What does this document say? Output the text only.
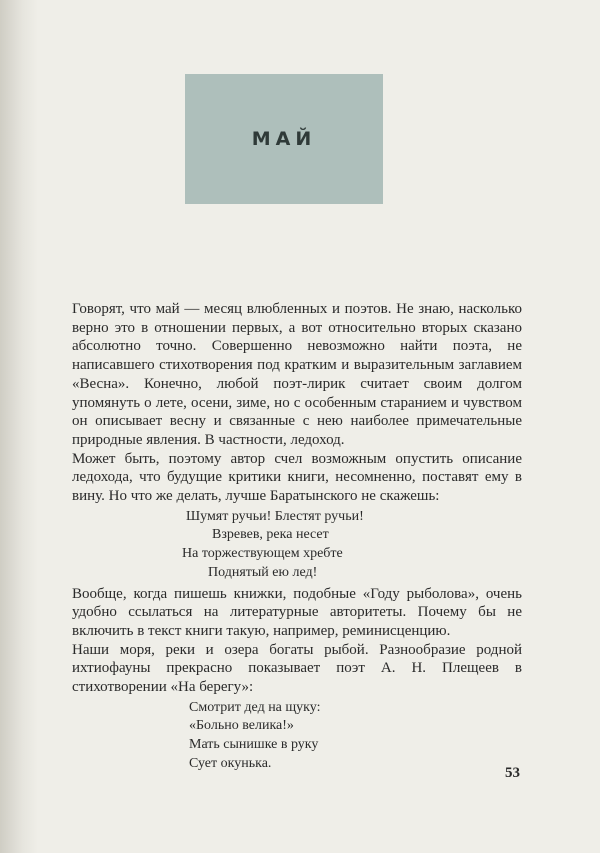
МАЙ

Говорят, что май — месяц влюбленных и поэтов. Не знаю, насколько верно это в отношении первых, а вот относительно вторых сказано абсолютно точно. Совершенно невозможно найти поэта, не написавшего стихотворения под кратким и выразительным заглавием «Весна». Конечно, любой поэт-лирик считает своим долгом упомянуть о лете, осени, зиме, но с особенным старанием и чувством он описывает весну и связанные с нею наиболее примечательные природные явления. В частности, ледоход.

Может быть, поэтому автор счел возможным опустить описание ледохода, что будущие критики книги, несомненно, поставят ему в вину. Но что же делать, лучше Баратынского не скажешь:

Шумят ручьи! Блестят ручьи!
Взревев, река несет
На торжествующем хребте
Поднятый ею лед!

Вообще, когда пишешь книжки, подобные «Году рыболова», очень удобно ссылаться на литературные авторитеты. Почему бы не включить в текст книги такую, например, реминисценцию.

Наши моря, реки и озера богаты рыбой. Разнообразие родной ихтиофауны прекрасно показывает поэт А. Н. Плещеев в стихотворении «На берегу»:

Смотрит дед на щуку:
«Больно велика!»
Мать сынишке в руку
Сует окунька.
53
